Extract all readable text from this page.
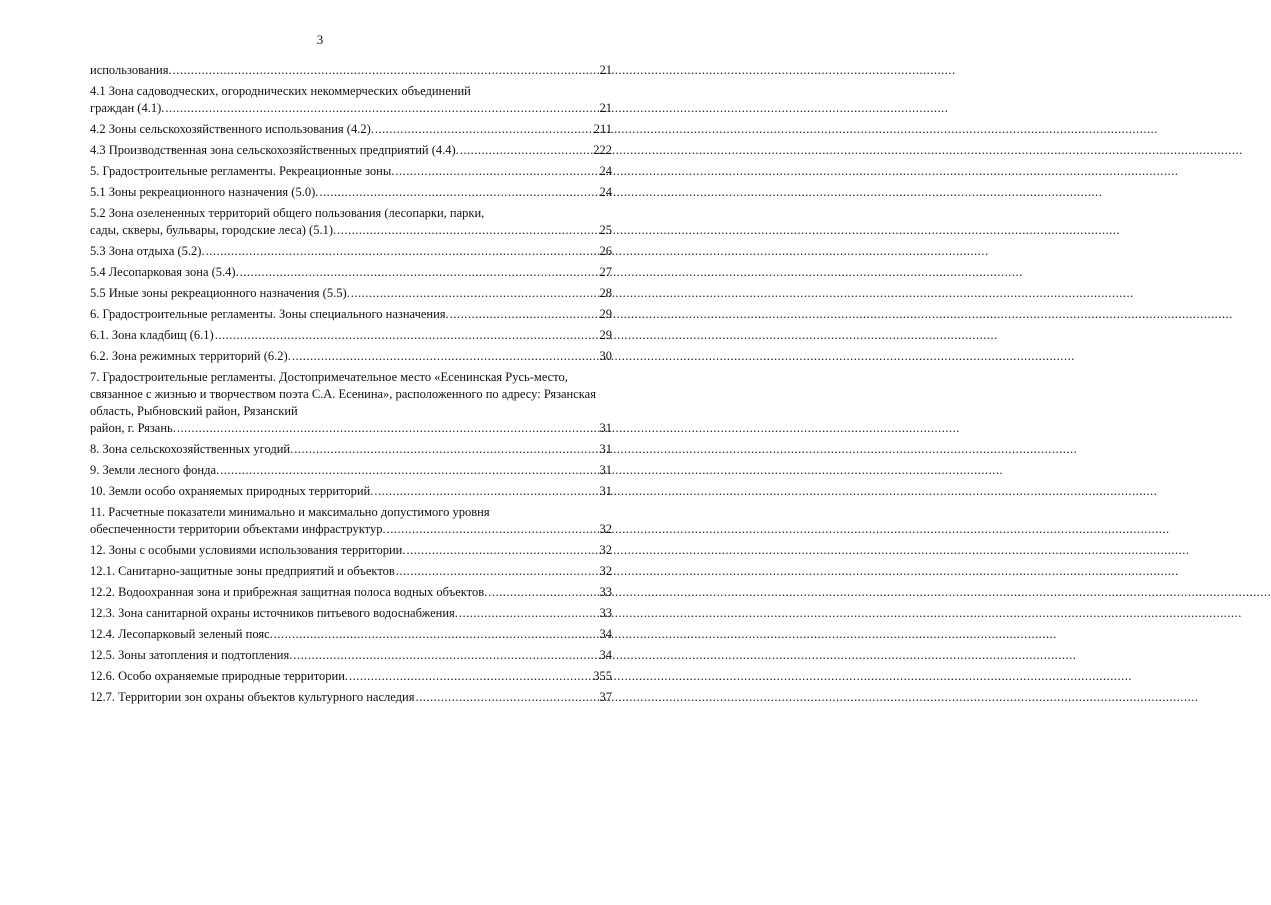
3
использования. .....	21
4.1 Зона садоводческих, огороднических некоммерческих объединений
граждан (4.1). .....	21
4.2 Зоны сельскохозяйственного использования (4.2). .....	211
4.3 Производственная зона сельскохозяйственных предприятий (4.4). .....	222
5. Градостроительные регламенты. Рекреационные зоны. .....	24
5.1 Зоны рекреационного назначения (5.0). .....	24
5.2 Зона озелененных территорий общего пользования (лесопарки, парки,
сады, скверы, бульвары, городские леса) (5.1). .....	25
5.3 Зона отдыха (5.2). .....	26
5.4 Лесопарковая зона (5.4). .....	27
5.5 Иные зоны рекреационного назначения (5.5). .....	28
6. Градостроительные регламенты. Зоны специального назначения. .....	29
6.1. Зона кладбищ (6.1) .....	29
6.2. Зона режимных территорий (6.2). .....	30
7. Градостроительные регламенты. Достопримечательное место «Есенинская Русь-место, связанное с жизнью и творчеством поэта С.А. Есенина», расположенного по адресу: Рязанская область, Рыбновский район, Рязанский
район, г. Рязань. .....	31
8. Зона сельскохозяйственных угодий. .....	31
9. Земли лесного фонда. .....	31
10. Земли особо охраняемых природных территорий. .....	31
11. Расчетные показатели минимально и максимально допустимого уровня
обеспеченности территории объектами инфраструктур. .....	32
12. Зоны с особыми условиями использования территории. .....	32
12.1. Санитарно-защитные зоны предприятий и объектов .....	32
12.2. Водоохранная зона и прибрежная защитная полоса водных объектов. .....	33
12.3. Зона санитарной охраны источников питьевого водоснабжения. .....	33
12.4. Лесопарковый зеленый пояс. .....	34
12.5. Зоны затопления и подтопления. .....	34
12.6. Особо охраняемые природные территории. .....	355
12.7. Территории зон охраны объектов культурного наследия .....	37
